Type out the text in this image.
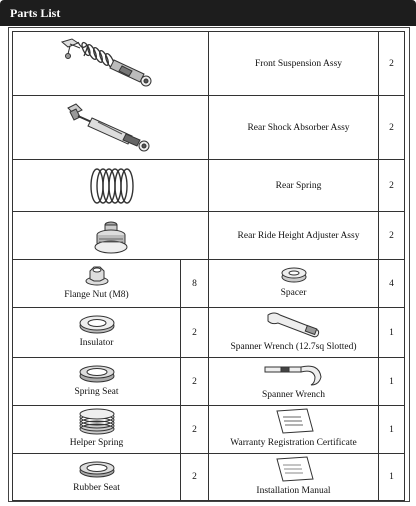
Parts List
	Front Suspension Assy	2

	Rear Shock Absorber Assy	2

	Rear Spring	2

	Rear Ride Height Adjuster Assy	2

Flange Nut (M8)	8	Spacer	4

Insulator	2	Spanner Wrench (12.7sq Slotted)	1

Spring Seat	2	Spanner Wrench	1

Helper Spring	2	Warranty Registration Certificate	1

Rubber Seat	2	Installation Manual	1
